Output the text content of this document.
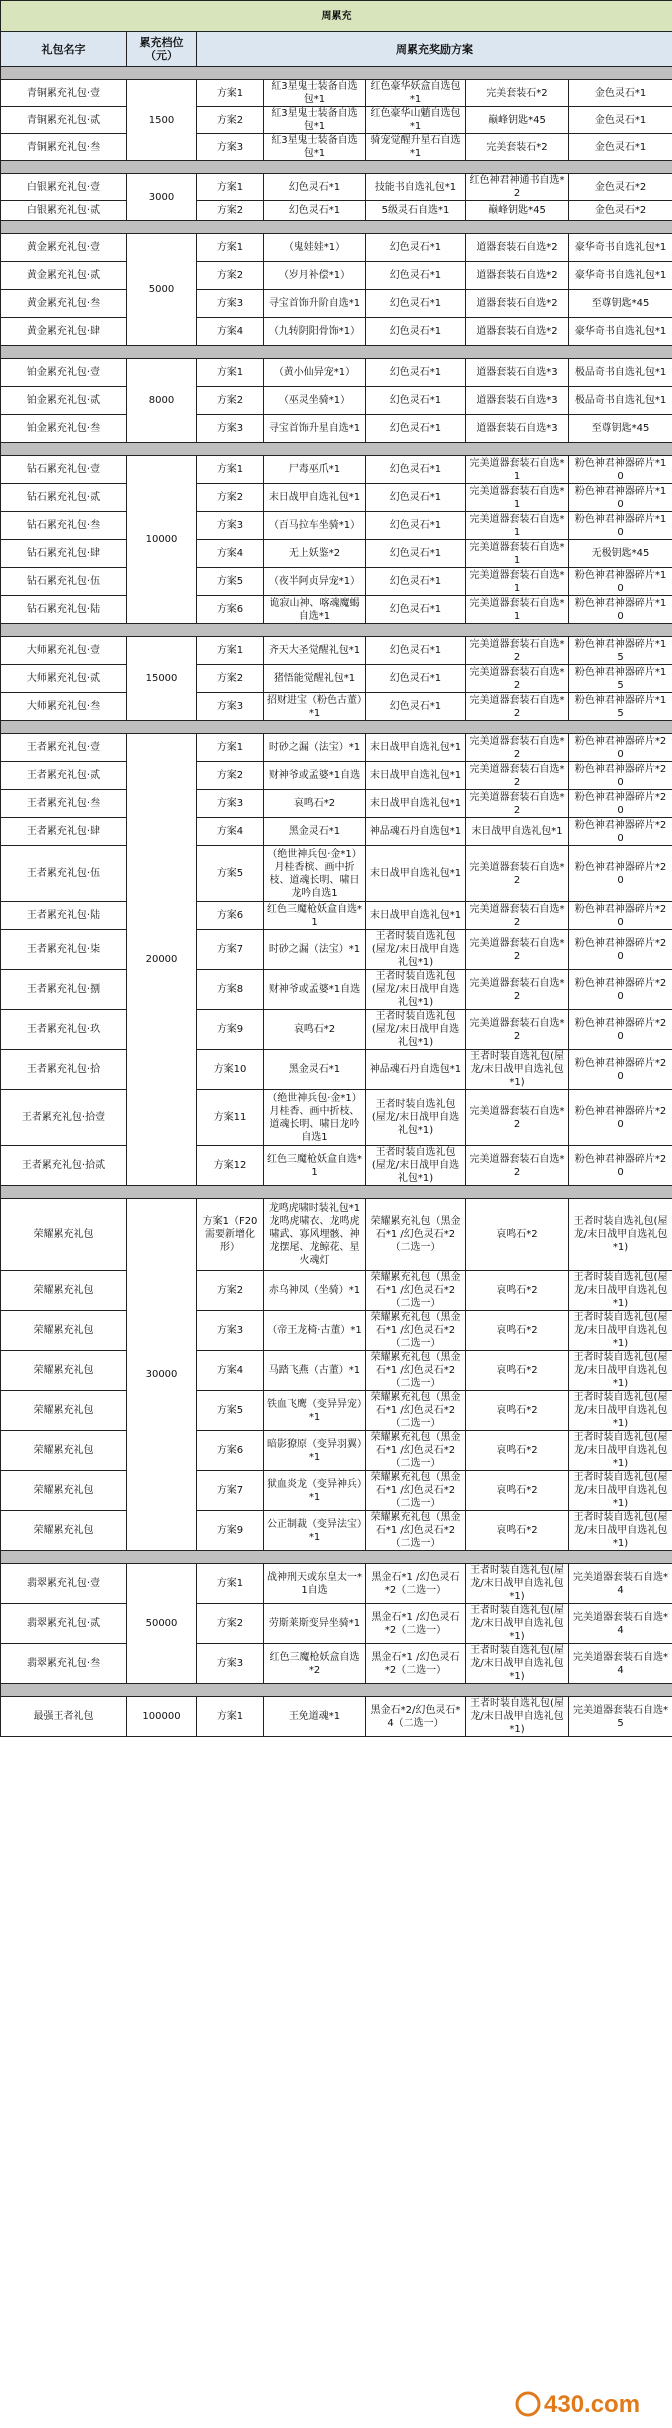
周累充						
礼包名字	累充档位（元）	周累充奖励方案				

青铜累充礼包·壹	1500	方案1	紅3星鬼士装备自选包*1	红色豪华妖盒自选包*1	完美套装石*2	金色灵石*1
青铜累充礼包·贰		方案2	紅3星鬼士装备自选包*1	红色豪华山魈自选包*1	巅峰钥匙*45	金色灵石*1
青铜累充礼包·叁		方案3	紅3星鬼士装备自选包*1	骑宠觉醒升星石自选*1	完美套装石*2	金色灵石*1

白银累充礼包·壹	3000	方案1	幻色灵石*1	技能书自选礼包*1	红色神君神通书自选*2	金色灵石*2
白银累充礼包·贰		方案2	幻色灵石*1	5级灵石自选*1	巅峰钥匙*45	金色灵石*2

黄金累充礼包·壹	5000	方案1	（鬼娃娃*1）	幻色灵石*1	道器套装石自选*2	豪华奇书自选礼包*1
黄金累充礼包·贰		方案2	（岁月补偿*1）	幻色灵石*1	道器套装石自选*2	豪华奇书自选礼包*1
黄金累充礼包·叁		方案3	寻宝首饰升阶自选*1	幻色灵石*1	道器套装石自选*2	至尊钥匙*45
黄金累充礼包·肆		方案4	（九转阴阳骨饰*1）	幻色灵石*1	道器套装石自选*2	豪华奇书自选礼包*1

铂金累充礼包·壹	8000	方案1	（黄小仙异宠*1）	幻色灵石*1	道器套装石自选*3	极品奇书自选礼包*1
铂金累充礼包·贰		方案2	（巫灵坐骑*1）	幻色灵石*1	道器套装石自选*3	极品奇书自选礼包*1
铂金累充礼包·叁		方案3	寻宝首饰升星自选*1	幻色灵石*1	道器套装石自选*3	至尊钥匙*45

钻石累充礼包·壹	10000	方案1	尸毒巫爪*1	幻色灵石*1	完美道器套装石自选*1	粉色神君神器碎片*10
钻石累充礼包·贰		方案2	末日战甲自选礼包*1	幻色灵石*1	完美道器套装石自选*1	粉色神君神器碎片*10
钻石累充礼包·叁		方案3	（百马拉车坐骑*1）	幻色灵石*1	完美道器套装石自选*1	粉色神君神器碎片*10
钻石累充礼包·肆		方案4	无上妖鉴*2	幻色灵石*1	完美道器套装石自选*1	无极钥匙*45
钻石累充礼包·伍		方案5	（夜半阿贞异宠*1）	幻色灵石*1	完美道器套装石自选*1	粉色神君神器碎片*10
钻石累充礼包·陆		方案6	诡寂山神、喀魂魔蝎自选*1	幻色灵石*1	完美道器套装石自选*1	粉色神君神器碎片*10

大师累充礼包·壹	15000	方案1	齐天大圣觉醒礼包*1	幻色灵石*1	完美道器套装石自选*2	粉色神君神器碎片*15
大师累充礼包·贰		方案2	猪悟能觉醒礼包*1	幻色灵石*1	完美道器套装石自选*2	粉色神君神器碎片*15
大师累充礼包·叁		方案3	招财进宝（粉色古董）*1	幻色灵石*1	完美道器套装石自选*2	粉色神君神器碎片*15

王者累充礼包·壹	20000	方案1	时砂之漏（法宝）*1	末日战甲自选礼包*1	完美道器套装石自选*2	粉色神君神器碎片*20
王者累充礼包·贰		方案2	财神爷或孟婆*1自选	末日战甲自选礼包*1	完美道器套装石自选*2	粉色神君神器碎片*20
王者累充礼包·叁		方案3	哀鸣石*2	末日战甲自选礼包*1	完美道器套装石自选*2	粉色神君神器碎片*20
王者累充礼包·肆		方案4	黑金灵石*1	神品魂石丹自选包*1	末日战甲自选礼包*1	粉色神君神器碎片*20
王者累充礼包·伍		方案5	（绝世神兵包·金*1）月桂香槟、画中折枝、道魂长明、啸日龙吟自选1	末日战甲自选礼包*1	完美道器套装石自选*2	粉色神君神器碎片*20
王者累充礼包·陆		方案6	红色三魔枪妖盒自选*1	末日战甲自选礼包*1	完美道器套装石自选*2	粉色神君神器碎片*20
王者累充礼包·柒		方案7	时砂之漏（法宝）*1	王者时装自选礼包(屋龙/末日战甲自选礼包*1)	完美道器套装石自选*2	粉色神君神器碎片*20
王者累充礼包·捌		方案8	财神爷或孟婆*1自选	王者时装自选礼包(屋龙/末日战甲自选礼包*1)	完美道器套装石自选*2	粉色神君神器碎片*20
王者累充礼包·玖		方案9	哀鸣石*2	王者时装自选礼包(屋龙/末日战甲自选礼包*1)	完美道器套装石自选*2	粉色神君神器碎片*20
王者累充礼包·拾		方案10	黑金灵石*1	神品魂石丹自选包*1	王者时装自选礼包(屋龙/末日战甲自选礼包*1)	粉色神君神器碎片*20
王者累充礼包·拾壹		方案11	（绝世神兵包·金*1）月桂香、画中折枝、道魂长明、啸日龙吟自选1	王者时装自选礼包(屋龙/末日战甲自选礼包*1)	完美道器套装石自选*2	粉色神君神器碎片*20
王者累充礼包·拾贰		方案12	红色三魔枪妖盒自选*1	王者时装自选礼包(屋龙/末日战甲自选礼包*1)	完美道器套装石自选*2	粉色神君神器碎片*20

荣耀累充礼包	30000	方案1（F20需要新增化形）	龙鸣虎啸时装礼包*1 龙鸣虎啸衣、龙鸣虎啸武、寡风埋骸、神龙摆尾、龙鲸花、星火魂灯	荣耀累充礼包（黑金石*1 /幻色灵石*2（二选一）	哀鸣石*2	王者时装自选礼包(屋龙/末日战甲自选礼包*1)
荣耀累充礼包		方案2	赤乌神凤（坐骑）*1	荣耀累充礼包（黑金石*1 /幻色灵石*2（二选一）	哀鸣石*2	王者时装自选礼包(屋龙/末日战甲自选礼包*1)
荣耀累充礼包		方案3	（帝王龙椅·古董）*1	荣耀累充礼包（黑金石*1 /幻色灵石*2（二选一）	哀鸣石*2	王者时装自选礼包(屋龙/末日战甲自选礼包*1)
荣耀累充礼包		方案4	马踏飞燕（古董）*1	荣耀累充礼包（黑金石*1 /幻色灵石*2（二选一）	哀鸣石*2	王者时装自选礼包(屋龙/末日战甲自选礼包*1)
荣耀累充礼包		方案5	铁血飞鹰（变异异宠）*1	荣耀累充礼包（黑金石*1 /幻色灵石*2（二选一）	哀鸣石*2	王者时装自选礼包(屋龙/末日战甲自选礼包*1)
荣耀累充礼包		方案6	暗影獠原（变异羽翼）*1	荣耀累充礼包（黑金石*1 /幻色灵石*2（二选一）	哀鸣石*2	王者时装自选礼包(屋龙/末日战甲自选礼包*1)
荣耀累充礼包		方案7	狱血炎龙（变异神兵）*1	荣耀累充礼包（黑金石*1 /幻色灵石*2（二选一）	哀鸣石*2	王者时装自选礼包(屋龙/末日战甲自选礼包*1)
荣耀累充礼包		方案9	公正制裁（变异法宝）*1	荣耀累充礼包（黑金石*1 /幻色灵石*2（二选一）	哀鸣石*2	王者时装自选礼包(屋龙/末日战甲自选礼包*1)

翡翠累充礼包·壹	50000	方案1	战神刑天或东皇太一*1自选	黑金石*1 /幻色灵石 *2（二选一）	王者时装自选礼包(屋龙/末日战甲自选礼包*1)	完美道器套装石自选*4
翡翠累充礼包·贰		方案2	劳斯莱斯变异坐骑*1	黑金石*1 /幻色灵石 *2（二选一）	王者时装自选礼包(屋龙/末日战甲自选礼包*1)	完美道器套装石自选*4
翡翠累充礼包·叁		方案3	红色三魔枪妖盒自选 *2	黑金石*1 /幻色灵石 *2（二选一）	王者时装自选礼包(屋龙/末日战甲自选礼包*1)	完美道器套装石自选*4

最强王者礼包	100000	方案1	王免道魂*1	黑金石*2/幻色灵石*4（二选一）	王者时装自选礼包(屋龙/末日战甲自选礼包*1)	完美道器套装石自选*5
430.com
